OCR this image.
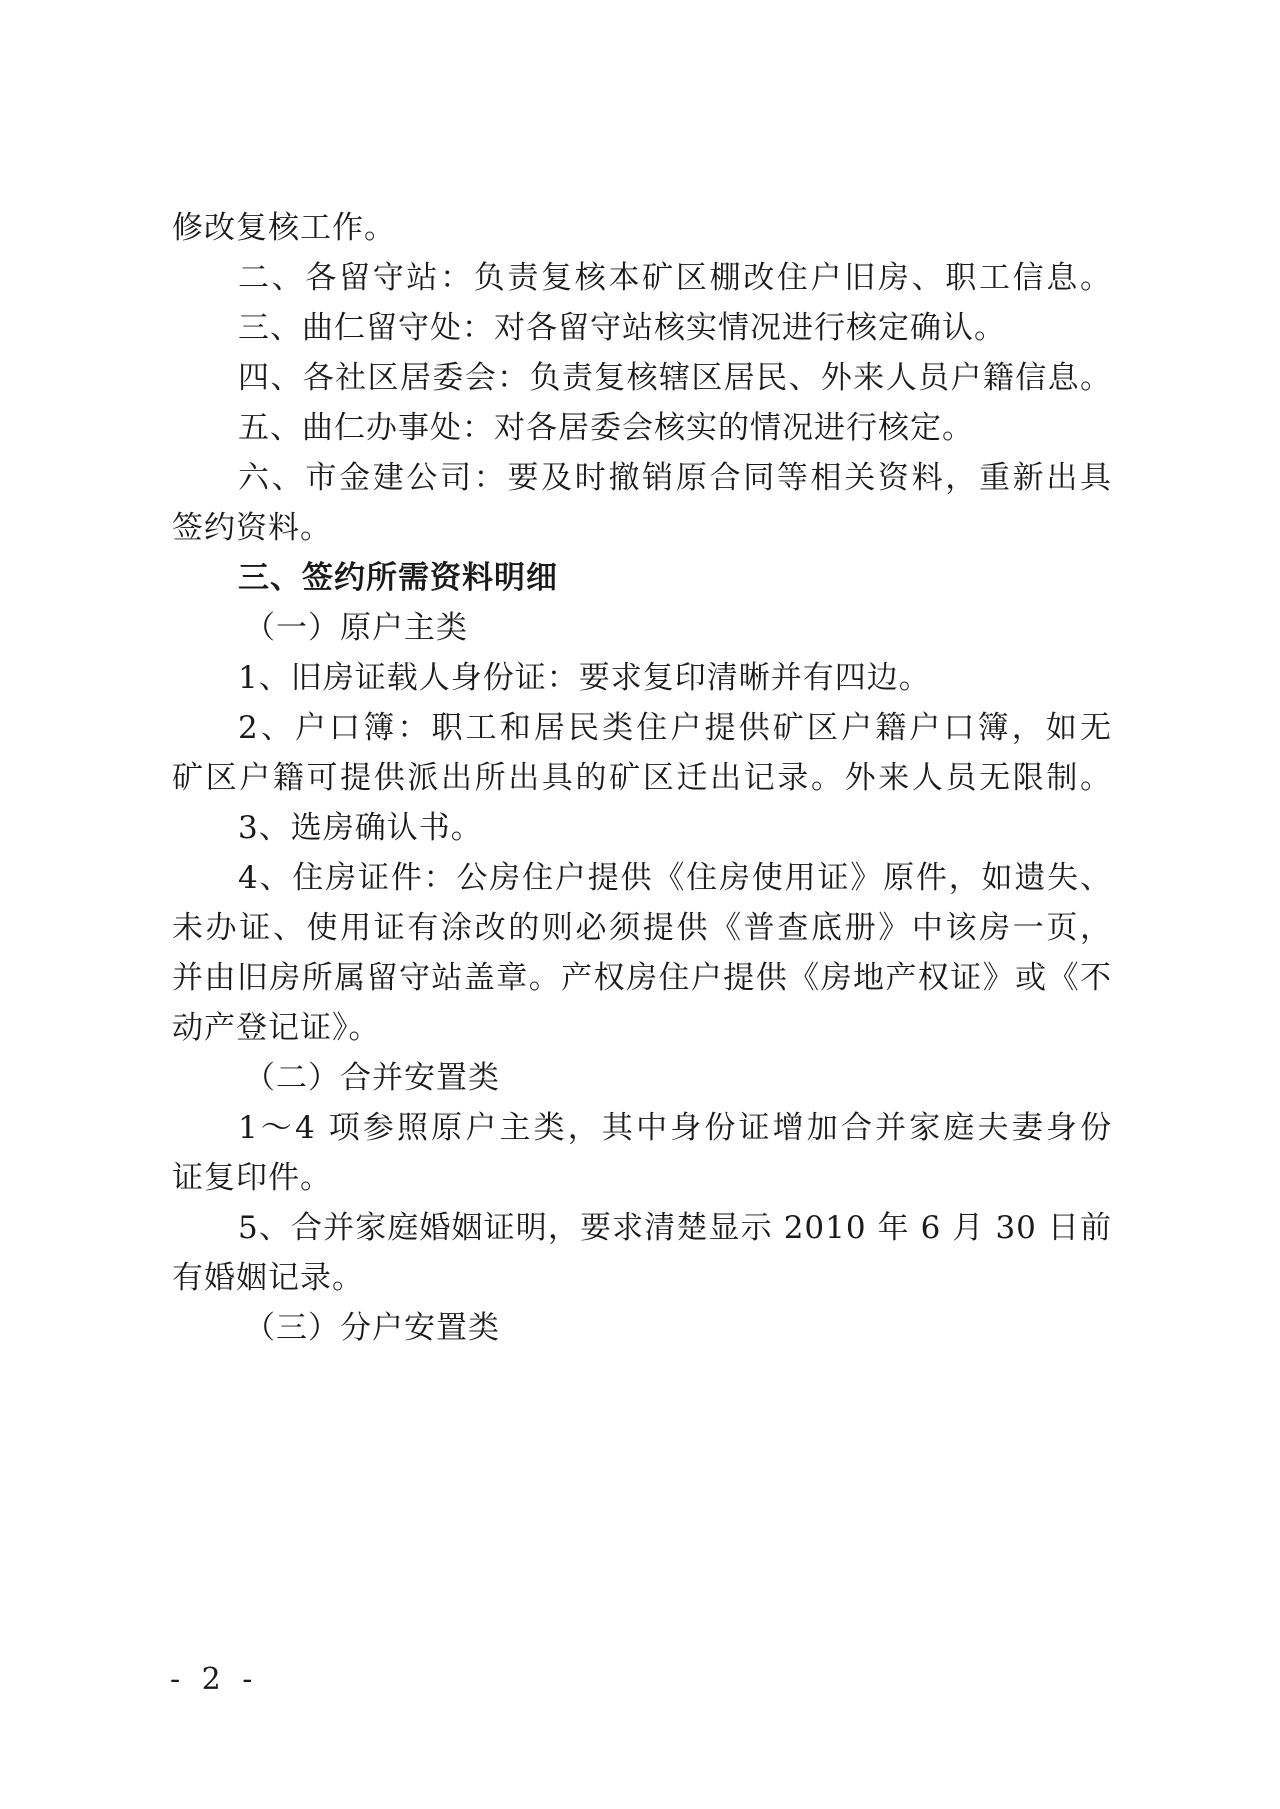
修改复核工作。
二、各留守站：负责复核本矿区棚改住户旧房、职工信息。
三、曲仁留守处：对各留守站核实情况进行核定确认。
四、各社区居委会：负责复核辖区居民、外来人员户籍信息。
五、曲仁办事处：对各居委会核实的情况进行核定。
六、市金建公司：要及时撤销原合同等相关资料，重新出具
签约资料。
三、签约所需资料明细
（一）原户主类
1、旧房证载人身份证：要求复印清晰并有四边。
2、户口簿：职工和居民类住户提供矿区户籍户口簿，如无
矿区户籍可提供派出所出具的矿区迁出记录。外来人员无限制。
3、选房确认书。
4、住房证件：公房住户提供《住房使用证》原件，如遗失、
未办证、使用证有涂改的则必须提供《普查底册》中该房一页，
并由旧房所属留守站盖章。产权房住户提供《房地产权证》或《不
动产登记证》。
（二）合并安置类
1～4 项参照原户主类，其中身份证增加合并家庭夫妻身份
证复印件。
5、合并家庭婚姻证明，要求清楚显示 2010 年 6 月 30 日前
有婚姻记录。
（三）分户安置类
- 2 -
